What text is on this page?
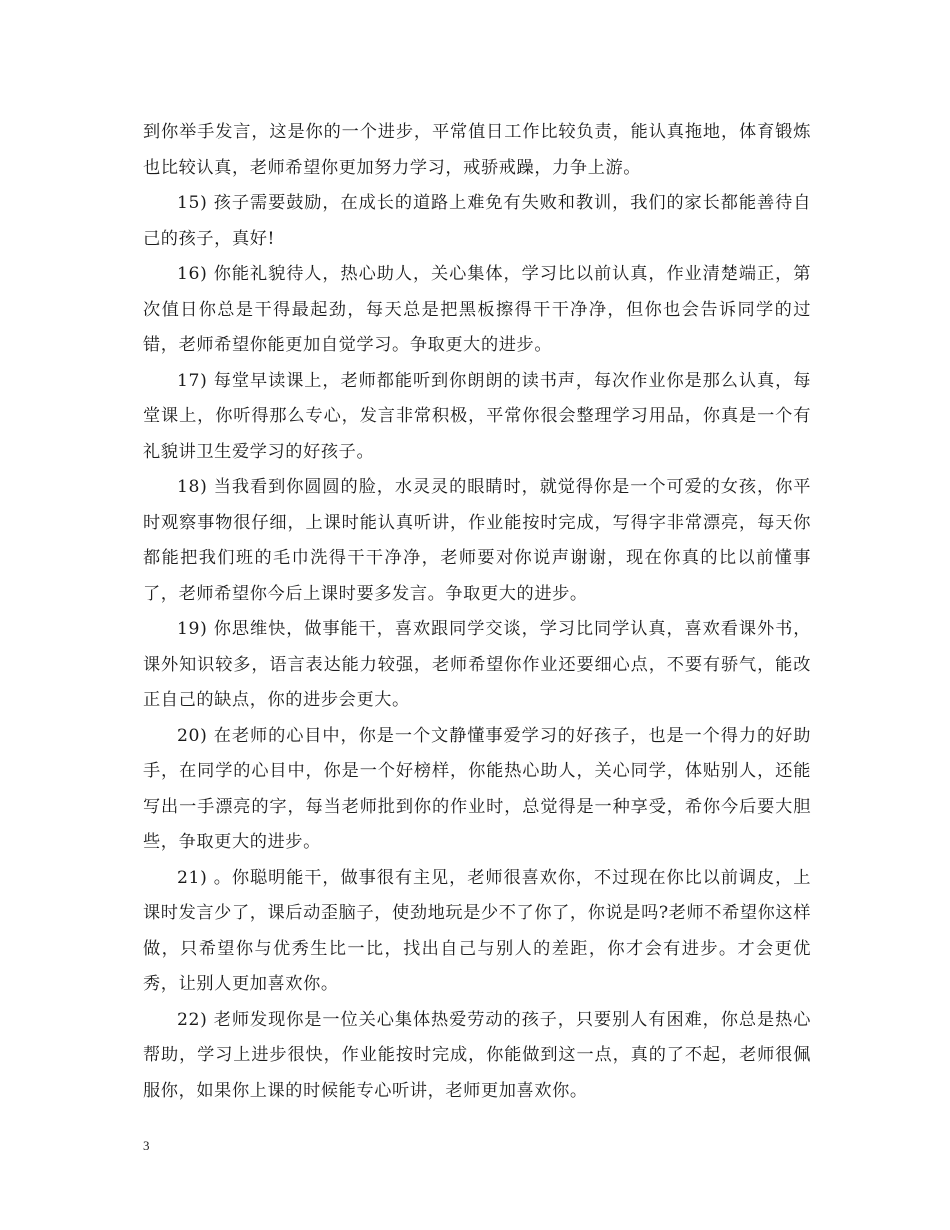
到你举手发言，这是你的一个进步，平常值日工作比较负责，能认真拖地，体育锻炼也比较认真，老师希望你更加努力学习，戒骄戒躁，力争上游。

15) 孩子需要鼓励，在成长的道路上难免有失败和教训，我们的家长都能善待自己的孩子，真好!

16) 你能礼貌待人，热心助人，关心集体，学习比以前认真，作业清楚端正，第次值日你总是干得最起劲，每天总是把黑板擦得干干净净，但你也会告诉同学的过错，老师希望你能更加自觉学习。争取更大的进步。

17) 每堂早读课上，老师都能听到你朗朗的读书声，每次作业你是那么认真，每堂课上，你听得那么专心，发言非常积极，平常你很会整理学习用品，你真是一个有礼貌讲卫生爱学习的好孩子。

18) 当我看到你圆圆的脸，水灵灵的眼睛时，就觉得你是一个可爱的女孩，你平时观察事物很仔细，上课时能认真听讲，作业能按时完成，写得字非常漂亮，每天你都能把我们班的毛巾洗得干干净净，老师要对你说声谢谢，现在你真的比以前懂事了，老师希望你今后上课时要多发言。争取更大的进步。

19) 你思维快，做事能干，喜欢跟同学交谈，学习比同学认真，喜欢看课外书，课外知识较多，语言表达能力较强，老师希望你作业还要细心点，不要有骄气，能改正自己的缺点，你的进步会更大。

20) 在老师的心目中，你是一个文静懂事爱学习的好孩子，也是一个得力的好助手，在同学的心目中，你是一个好榜样，你能热心助人，关心同学，体贴别人，还能写出一手漂亮的字，每当老师批到你的作业时，总觉得是一种享受，希你今后要大胆些，争取更大的进步。

21) 。你聪明能干，做事很有主见，老师很喜欢你，不过现在你比以前调皮，上课时发言少了，课后动歪脑子，使劲地玩是少不了你了，你说是吗?老师不希望你这样做，只希望你与优秀生比一比，找出自己与别人的差距，你才会有进步。才会更优秀，让别人更加喜欢你。

22) 老师发现你是一位关心集体热爱劳动的孩子，只要别人有困难，你总是热心帮助，学习上进步很快，作业能按时完成，你能做到这一点，真的了不起，老师很佩服你，如果你上课的时候能专心听讲，老师更加喜欢你。

3
